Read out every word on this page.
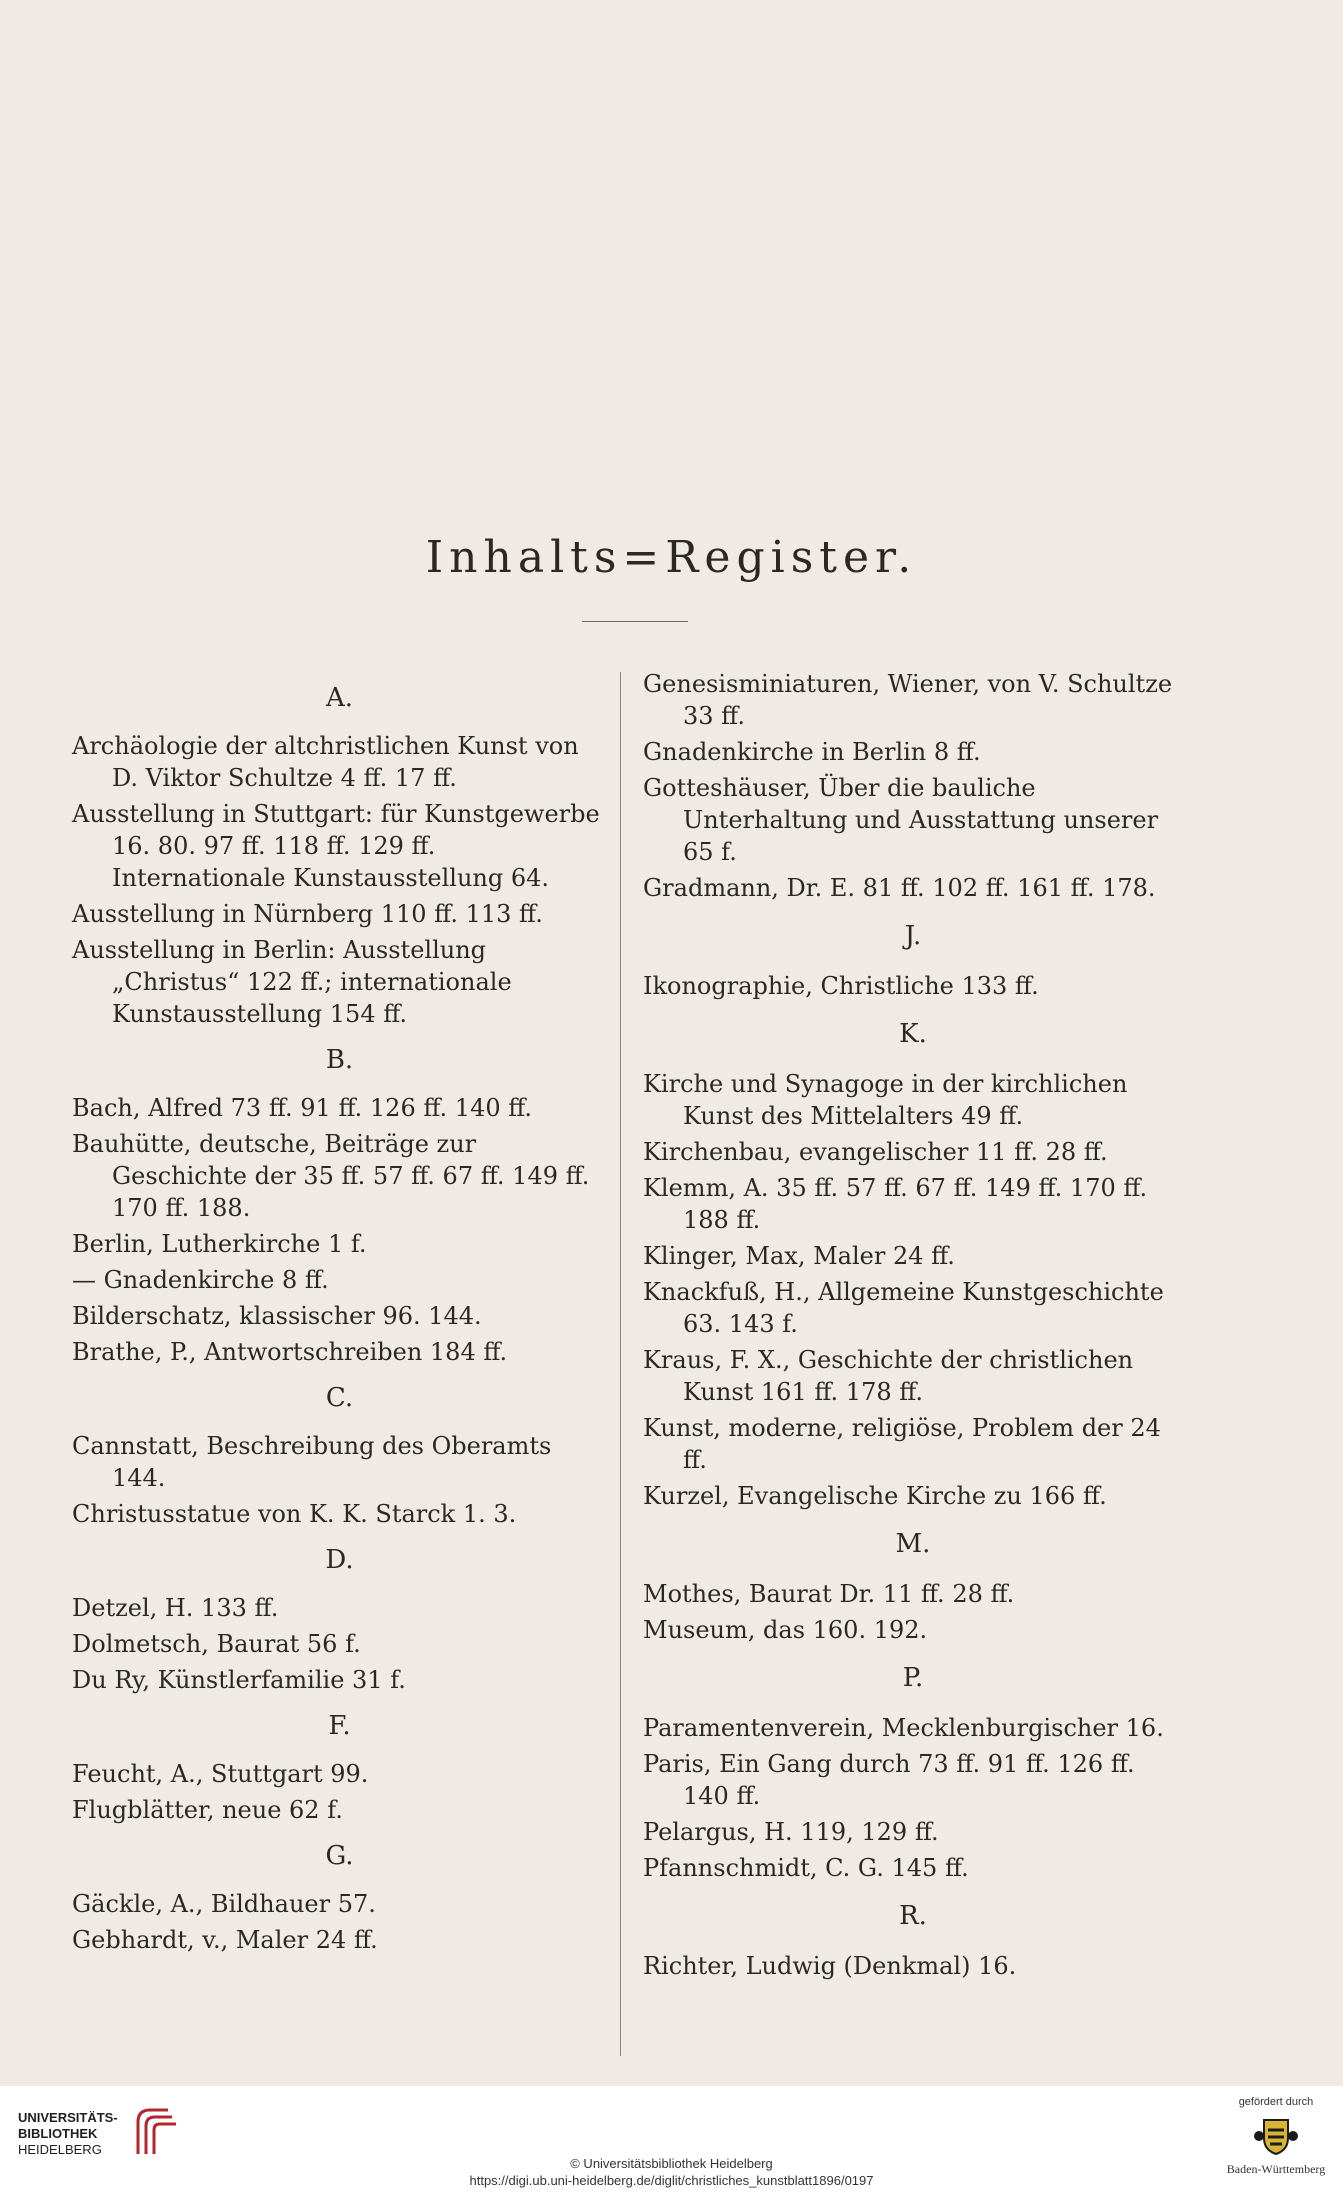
Inhalts=Register.
A.
Archäologie der altchristlichen Kunst von D. Viktor Schultze 4 ff. 17 ff.
Ausstellung in Stuttgart: für Kunstgewerbe 16. 80. 97 ff. 118 ff. 129 ff. Internationale Kunstausstellung 64.
Ausstellung in Nürnberg 110 ff. 113 ff.
Ausstellung in Berlin: Ausstellung „Christus“ 122 ff.; internationale Kunstausstellung 154 ff.
B.
Bach, Alfred 73 ff. 91 ff. 126 ff. 140 ff.
Bauhütte, deutsche, Beiträge zur Geschichte der 35 ff. 57 ff. 67 ff. 149 ff. 170 ff. 188.
Berlin, Lutherkirche 1 f.
— Gnadenkirche 8 ff.
Bilderschatz, klassischer 96. 144.
Brathe, P., Antwortschreiben 184 ff.
C.
Cannstatt, Beschreibung des Oberamts 144.
Christusstatue von K. K. Starck 1. 3.
D.
Detzel, H. 133 ff.
Dolmetsch, Baurat 56 f.
Du Ry, Künstlerfamilie 31 f.
F.
Feucht, A., Stuttgart 99.
Flugblätter, neue 62 f.
G.
Gäckle, A., Bildhauer 57.
Gebhardt, v., Maler 24 ff.
Genesisminiaturen, Wiener, von V. Schultze 33 ff.
Gnadenkirche in Berlin 8 ff.
Gotteshäuser, Über die bauliche Unterhaltung und Ausstattung unserer 65 f.
Gradmann, Dr. E. 81 ff. 102 ff. 161 ff. 178.
J.
Ikonographie, Christliche 133 ff.
K.
Kirche und Synagoge in der kirchlichen Kunst des Mittelalters 49 ff.
Kirchenbau, evangelischer 11 ff. 28 ff.
Klemm, A. 35 ff. 57 ff. 67 ff. 149 ff. 170 ff. 188 ff.
Klinger, Max, Maler 24 ff.
Knackfuß, H., Allgemeine Kunstgeschichte 63. 143 f.
Kraus, F. X., Geschichte der christlichen Kunst 161 ff. 178 ff.
Kunst, moderne, religiöse, Problem der 24 ff.
Kurzel, Evangelische Kirche zu 166 ff.
M.
Mothes, Baurat Dr. 11 ff. 28 ff.
Museum, das 160. 192.
P.
Paramentenverein, Mecklenburgischer 16.
Paris, Ein Gang durch 73 ff. 91 ff. 126 ff. 140 ff.
Pelargus, H. 119, 129 ff.
Pfannschmidt, C. G. 145 ff.
R.
Richter, Ludwig (Denkmal) 16.
UNIVERSITÄTS-
BIBLIOTHEK
HEIDELBERG
© Universitätsbibliothek Heidelberg
https://digi.ub.uni-heidelberg.de/diglit/christliches_kunstblatt1896/0197
gefördert durch
Baden-Württemberg
